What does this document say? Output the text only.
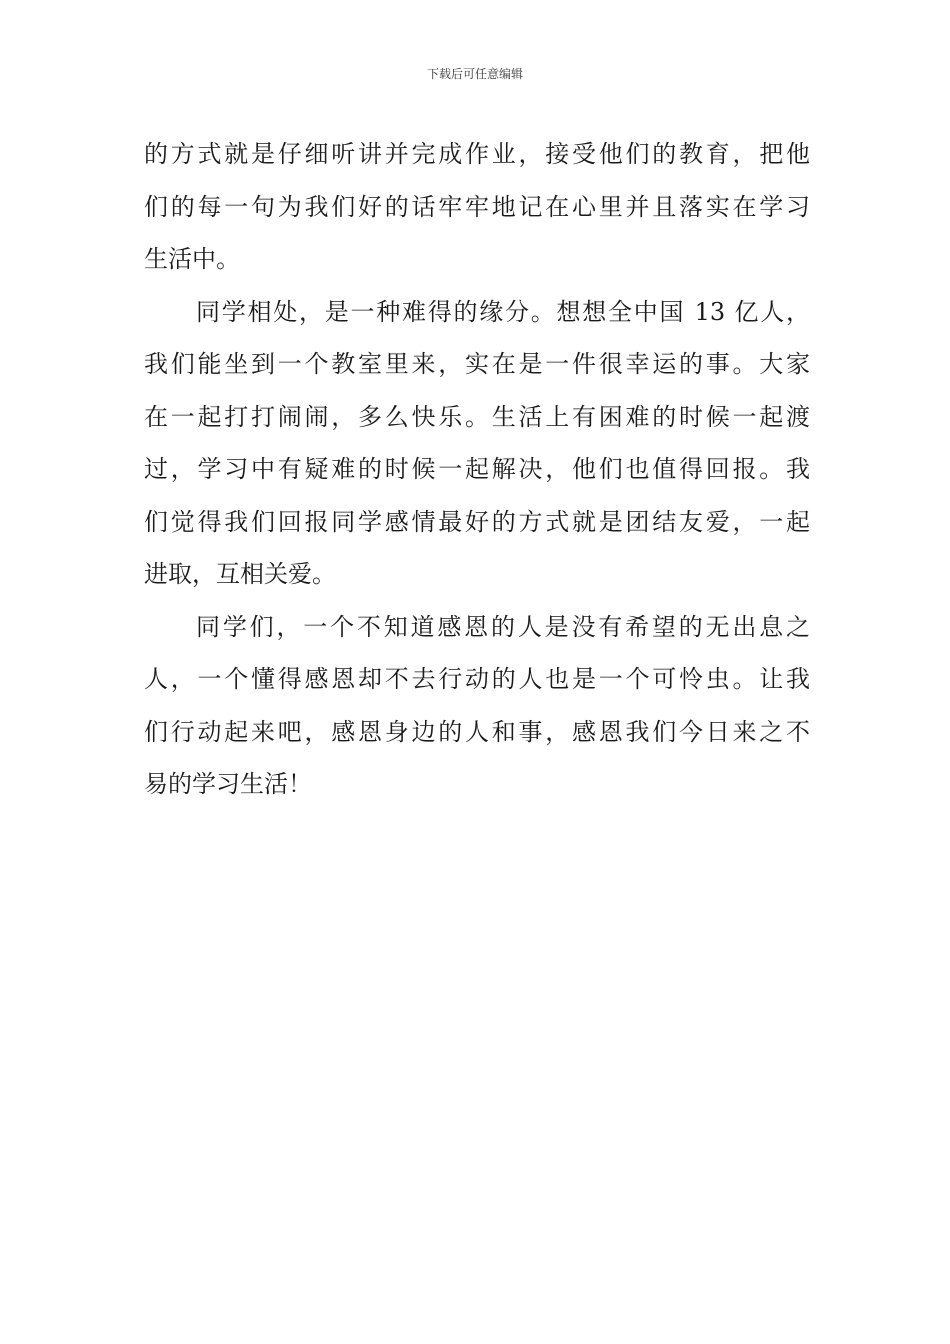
下载后可任意编辑
的方式就是仔细听讲并完成作业，接受他们的教育，把他
们的每一句为我们好的话牢牢地记在心里并且落实在学习
生活中。
同学相处，是一种难得的缘分。想想全中国 13 亿人，
我们能坐到一个教室里来，实在是一件很幸运的事。大家
在一起打打闹闹，多么快乐。生活上有困难的时候一起渡
过，学习中有疑难的时候一起解决，他们也值得回报。我
们觉得我们回报同学感情最好的方式就是团结友爱，一起
进取，互相关爱。
同学们，一个不知道感恩的人是没有希望的无出息之
人，一个懂得感恩却不去行动的人也是一个可怜虫。让我
们行动起来吧，感恩身边的人和事，感恩我们今日来之不
易的学习生活！
